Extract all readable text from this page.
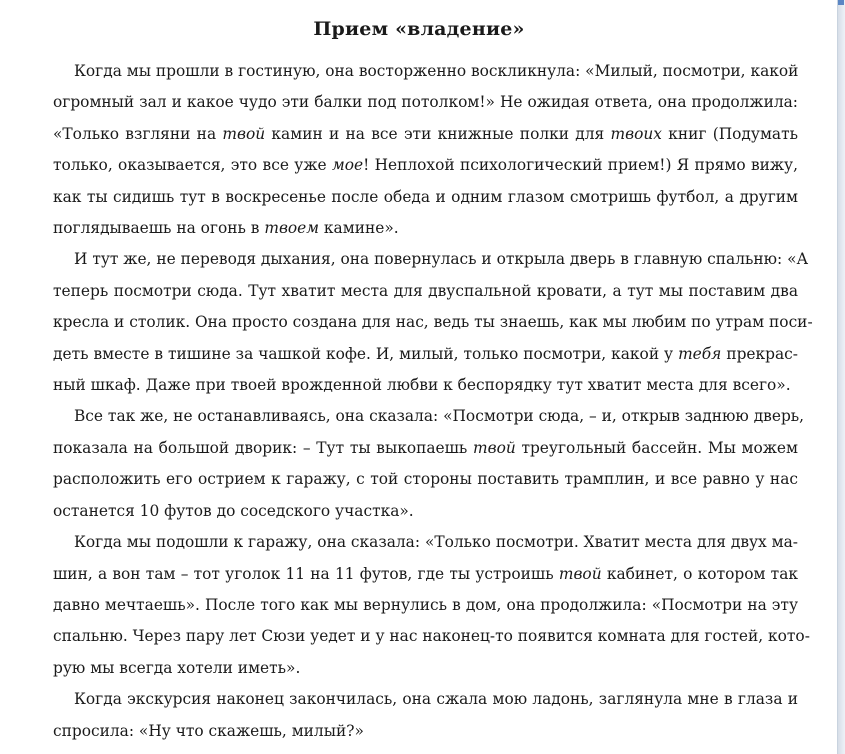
Прием «владение»
Когда мы прошли в гостиную, она восторженно воскликнула: «Милый, посмотри, какой
огромный зал и какое чудо эти балки под потолком!» Не ожидая ответа, она продолжила:
«Только взгляни на твой камин и на все эти книжные полки для твоих книг (Подумать
только, оказывается, это все уже мое! Неплохой психологический прием!) Я прямо вижу,
как ты сидишь тут в воскресенье после обеда и одним глазом смотришь футбол, а другим
поглядываешь на огонь в твоем камине».
И тут же, не переводя дыхания, она повернулась и открыла дверь в главную спальню: «А
теперь посмотри сюда. Тут хватит места для двуспальной кровати, а тут мы поставим два
кресла и столик. Она просто создана для нас, ведь ты знаешь, как мы любим по утрам поси-
деть вместе в тишине за чашкой кофе. И, милый, только посмотри, какой у тебя прекрас-
ный шкаф. Даже при твоей врожденной любви к беспорядку тут хватит места для всего».
Все так же, не останавливаясь, она сказала: «Посмотри сюда, – и, открыв заднюю дверь,
показала на большой дворик: – Тут ты выкопаешь твой треугольный бассейн. Мы можем
расположить его острием к гаражу, с той стороны поставить трамплин, и все равно у нас
останется 10 футов до соседского участка».
Когда мы подошли к гаражу, она сказала: «Только посмотри. Хватит места для двух ма-
шин, а вон там – тот уголок 11 на 11 футов, где ты устроишь твой кабинет, о котором так
давно мечтаешь». После того как мы вернулись в дом, она продолжила: «Посмотри на эту
спальню. Через пару лет Сюзи уедет и у нас наконец-то появится комната для гостей, кото-
рую мы всегда хотели иметь».
Когда экскурсия наконец закончилась, она сжала мою ладонь, заглянула мне в глаза и
спросила: «Ну что скажешь, милый?»
